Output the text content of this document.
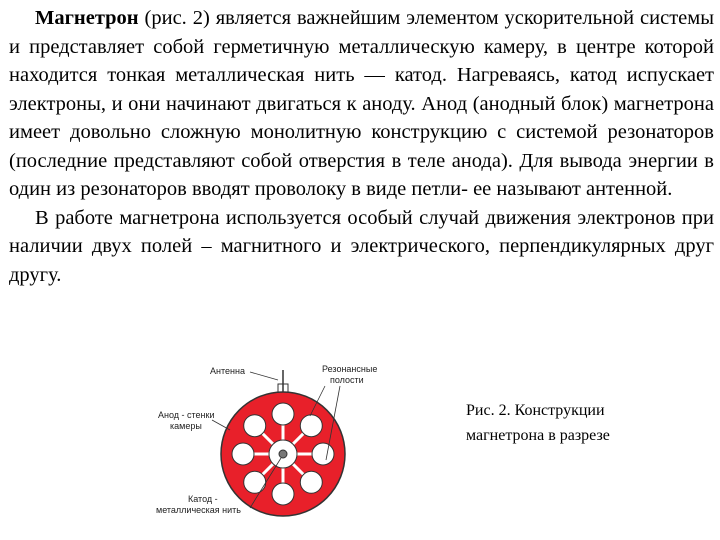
Магнетрон (рис. 2) является важнейшим элементом ускорительной системы и представляет собой герметичную металлическую камеру, в центре которой находится тонкая металлическая нить — катод. Нагреваясь, катод испускает электроны, и они начинают двигаться к аноду. Анод (анодный блок) магнетрона имеет довольно сложную монолитную конструкцию с системой резонаторов (последние представляют собой отверстия в теле анода). Для вывода энергии в один из резонаторов вводят проволоку в виде петли- ее называют антенной.

В работе магнетрона используется особый случай движения электронов при наличии двух полей – магнитного и электрического, перпендикулярных друг другу.

Антенна	Резонансные
полости
Анод - стенки
камеры
Катод -
металлическая нить
Рис. 2. Конструкции
магнетрона в разрезе
